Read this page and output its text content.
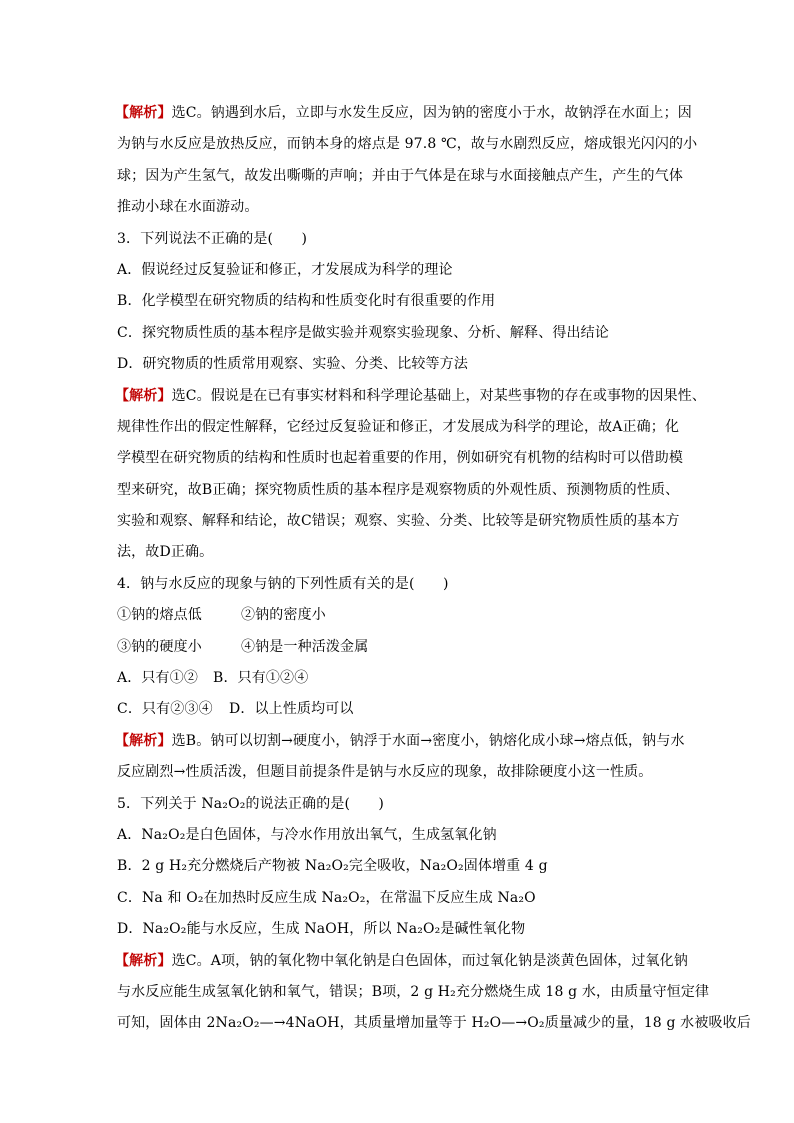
【解析】选C。钠遇到水后，立即与水发生反应，因为钠的密度小于水，故钠浮在水面上；因
为钠与水反应是放热反应，而钠本身的熔点是 97.8 ℃，故与水剧烈反应，熔成银光闪闪的小
球；因为产生氢气，故发出嘶嘶的声响；并由于气体是在球与水面接触点产生，产生的气体
推动小球在水面游动。
3．下列说法不正确的是(　　)
A．假说经过反复验证和修正，才发展成为科学的理论
B．化学模型在研究物质的结构和性质变化时有很重要的作用
C．探究物质性质的基本程序是做实验并观察实验现象、分析、解释、得出结论
D．研究物质的性质常用观察、实验、分类、比较等方法
【解析】选C。假说是在已有事实材料和科学理论基础上，对某些事物的存在或事物的因果性、
规律性作出的假定性解释，它经过反复验证和修正，才发展成为科学的理论，故A正确；化
学模型在研究物质的结构和性质时也起着重要的作用，例如研究有机物的结构时可以借助模
型来研究，故B正确；探究物质性质的基本程序是观察物质的外观性质、预测物质的性质、
实验和观察、解释和结论，故C错误；观察、实验、分类、比较等是研究物质性质的基本方
法，故D正确。
4．钠与水反应的现象与钠的下列性质有关的是(　　)
①钠的熔点低	②钠的密度小
③钠的硬度小	④钠是一种活泼金属
A．只有①②	B．只有①②④
C．只有②③④	D．以上性质均可以
【解析】选B。钠可以切割→硬度小，钠浮于水面→密度小，钠熔化成小球→熔点低，钠与水
反应剧烈→性质活泼，但题目前提条件是钠与水反应的现象，故排除硬度小这一性质。
5．下列关于 Na₂O₂的说法正确的是(　　)
A．Na₂O₂是白色固体，与冷水作用放出氧气，生成氢氧化钠
B．2 g H₂充分燃烧后产物被 Na₂O₂完全吸收，Na₂O₂固体增重 4 g
C．Na 和 O₂在加热时反应生成 Na₂O₂，在常温下反应生成 Na₂O
D．Na₂O₂能与水反应，生成 NaOH，所以 Na₂O₂是碱性氧化物
【解析】选C。A项，钠的氧化物中氧化钠是白色固体，而过氧化钠是淡黄色固体，过氧化钠
与水反应能生成氢氧化钠和氧气，错误；B项，2 g H₂充分燃烧生成 18 g 水，由质量守恒定律
可知，固体由 2Na₂O₂—→4NaOH，其质量增加量等于 H₂O—→O₂质量减少的量，18 g 水被吸收后
